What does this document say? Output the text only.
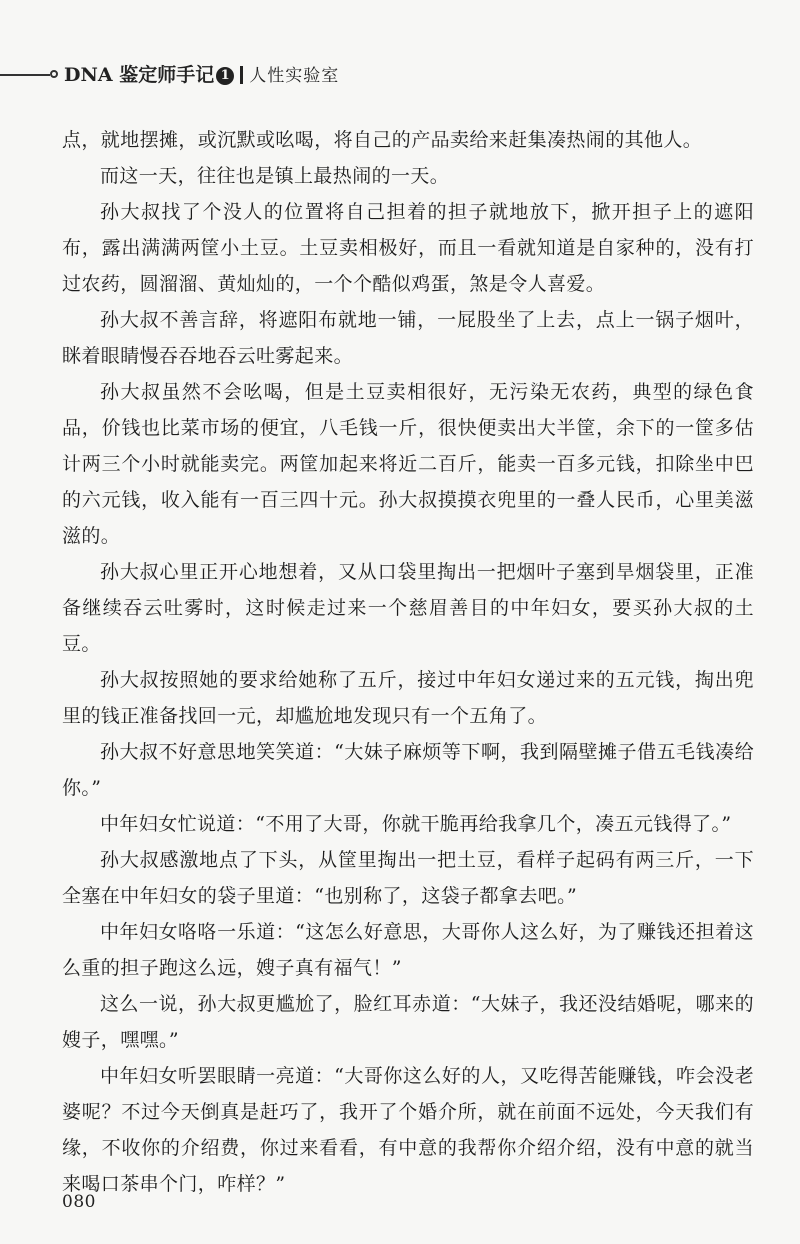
DNA 鉴定师手记 1 人性实验室

点，就地摆摊，或沉默或吆喝，将自己的产品卖给来赶集凑热闹的其他人。

而这一天，往往也是镇上最热闹的一天。

孙大叔找了个没人的位置将自己担着的担子就地放下，掀开担子上的遮阳布，露出满满两筐小土豆。土豆卖相极好，而且一看就知道是自家种的，没有打过农药，圆溜溜、黄灿灿的，一个个酷似鸡蛋，煞是令人喜爱。

孙大叔不善言辞，将遮阳布就地一铺，一屁股坐了上去，点上一锅子烟叶，眯着眼睛慢吞吞地吞云吐雾起来。

孙大叔虽然不会吆喝，但是土豆卖相很好，无污染无农药，典型的绿色食品，价钱也比菜市场的便宜，八毛钱一斤，很快便卖出大半筐，余下的一筐多估计两三个小时就能卖完。两筐加起来将近二百斤，能卖一百多元钱，扣除坐中巴的六元钱，收入能有一百三四十元。孙大叔摸摸衣兜里的一叠人民币，心里美滋滋的。

孙大叔心里正开心地想着，又从口袋里掏出一把烟叶子塞到旱烟袋里，正准备继续吞云吐雾时，这时候走过来一个慈眉善目的中年妇女，要买孙大叔的土豆。

孙大叔按照她的要求给她称了五斤，接过中年妇女递过来的五元钱，掏出兜里的钱正准备找回一元，却尴尬地发现只有一个五角了。

孙大叔不好意思地笑笑道：“大妹子麻烦等下啊，我到隔壁摊子借五毛钱凑给你。”

中年妇女忙说道：“不用了大哥，你就干脆再给我拿几个，凑五元钱得了。”

孙大叔感激地点了下头，从筐里掏出一把土豆，看样子起码有两三斤，一下全塞在中年妇女的袋子里道：“也别称了，这袋子都拿去吧。”

中年妇女咯咯一乐道：“这怎么好意思，大哥你人这么好，为了赚钱还担着这么重的担子跑这么远，嫂子真有福气！”

这么一说，孙大叔更尴尬了，脸红耳赤道：“大妹子，我还没结婚呢，哪来的嫂子，嘿嘿。”

中年妇女听罢眼睛一亮道：“大哥你这么好的人，又吃得苦能赚钱，咋会没老婆呢？不过今天倒真是赶巧了，我开了个婚介所，就在前面不远处，今天我们有缘，不收你的介绍费，你过来看看，有中意的我帮你介绍介绍，没有中意的就当来喝口茶串个门，咋样？”

080
